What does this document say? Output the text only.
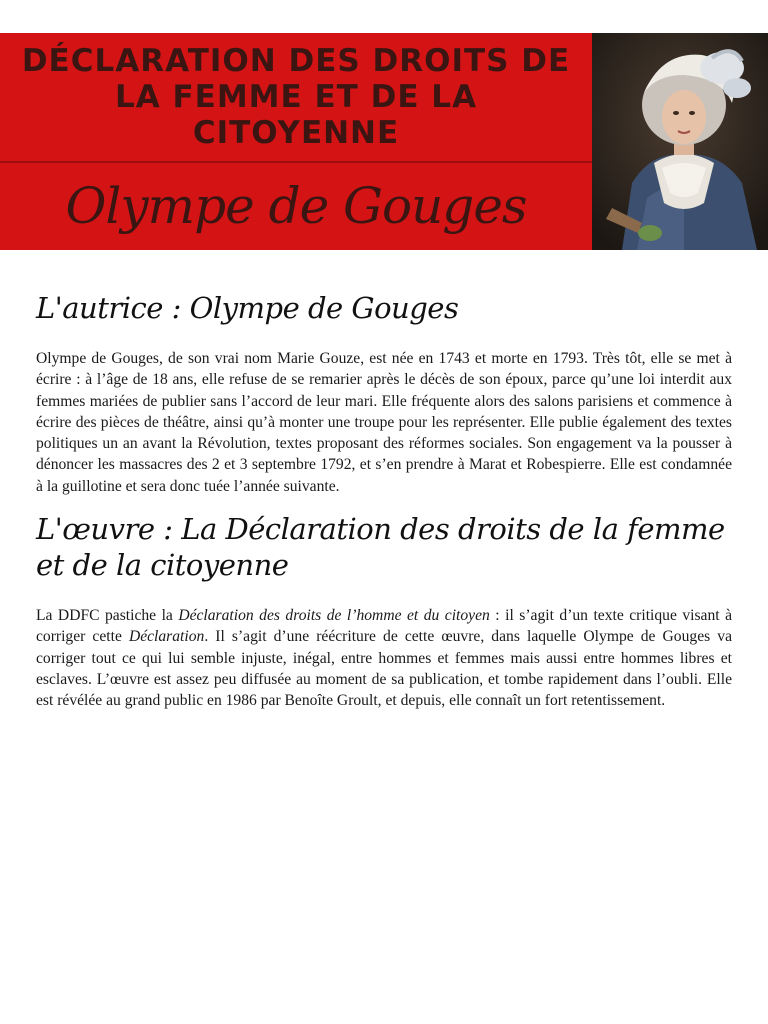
DÉCLARATION DES DROITS DE LA FEMME ET DE LA CITOYENNE
Olympe de Gouges
L'autrice : Olympe de Gouges

Olympe de Gouges, de son vrai nom Marie Gouze, est née en 1743 et morte en 1793. Très tôt, elle se met à écrire : à l’âge de 18 ans, elle refuse de se remarier après le décès de son époux, parce qu’une loi interdit aux femmes mariées de publier sans l’accord de leur mari. Elle fréquente alors des salons parisiens et commence à écrire des pièces de théâtre, ainsi qu’à monter une troupe pour les représenter. Elle publie également des textes politiques un an avant la Révolution, textes proposant des réformes sociales. Son engagement va la pousser à dénoncer les massacres des 2 et 3 septembre 1792, et s’en prendre à Marat et Robespierre. Elle est condamnée à la guillotine et sera donc tuée l’année suivante.

L'œuvre : La Déclaration des droits de la femme et de la citoyenne

La DDFC pastiche la Déclaration des droits de l’homme et du citoyen : il s’agit d’un texte critique visant à corriger cette Déclaration. Il s’agit d’une réécriture de cette œuvre, dans laquelle Olympe de Gouges va corriger tout ce qui lui semble injuste, inégal, entre hommes et femmes mais aussi entre hommes libres et esclaves. L’œuvre est assez peu diffusée au moment de sa publication, et tombe rapidement dans l’oubli. Elle est révélée au grand public en 1986 par Benoîte Groult, et depuis, elle connaît un fort retentissement.
